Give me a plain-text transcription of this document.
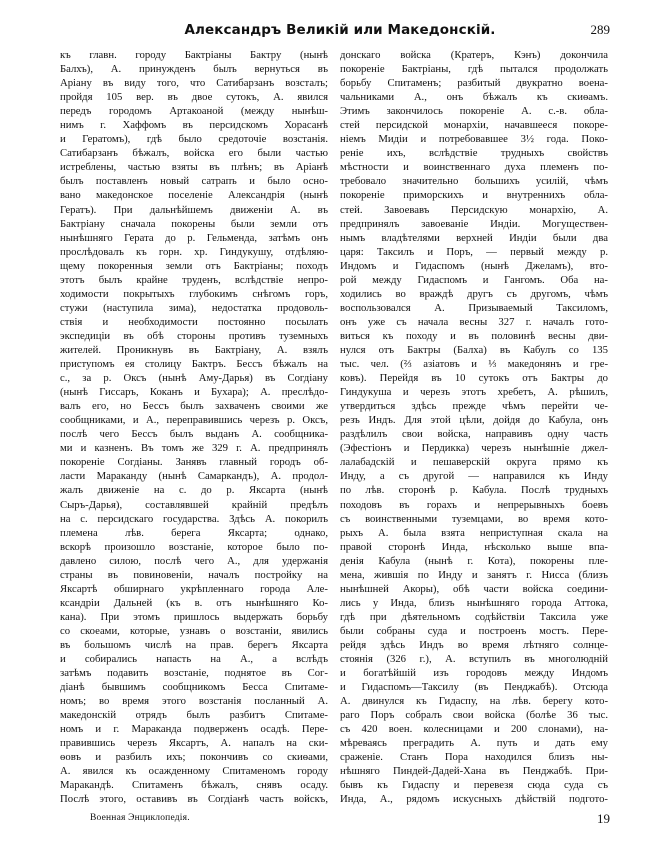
Александръ Великій или Македонскій.	289
къ главн. городу Бактріаны Бактру (нынѣ
Балхъ), А. принужденъ былъ вернуться въ
Арiану въ виду того, что Сатибарзанъ возсталъ;
пройдя 105 вер. въ двое сутокъ, А. явился
передъ городомъ Артакоаной (между нынѣш-
нимъ г. Хаффомъ въ персидскомъ Хорасанѣ
и Гератомъ), гдѣ было средоточіе возстанія.
Сатибарзанъ бѣжалъ, войска его были частью
истреблены, частью взяты въ плѣнъ; въ Аріанѣ
былъ поставленъ новый сатрапъ и было осно-
вано македонское поселеніе Александрія (нынѣ
Гератъ). При дальнѣйшемъ движеніи А. въ
Бактріану сначала покорены были земли отъ
нынѣшняго Герата до р. Гельменда, затѣмъ онъ
прослѣдовалъ къ горн. хр. Гиндукушу, отдѣляю-
щему покоренныя земли отъ Бактріаны; походъ
этотъ былъ крайне труденъ, вслѣдствіе непро-
ходимости покрытыхъ глубокимъ снѣгомъ горъ,
стужи (наступила зима), недостатка продоволь-
ствія и необходимости постоянно посылать
экспедиціи въ обѣ стороны противъ туземныхъ
жителей. Проникнувъ въ Бактріану, А. взялъ
приступомъ ея столицу Бактръ. Бессъ бѣжалъ на
с., за р. Оксъ (нынѣ Аму-Дарья) въ Согдіану
(нынѣ Гиссаръ, Коканъ и Бухара); А. преслѣдо-
валъ его, но Бессъ былъ захваченъ своими же
сообщниками, и А., переправившись черезъ р. Оксъ,
послѣ чего Бессъ былъ выданъ А. сообщника-
ми и казненъ. Въ томъ же 329 г. А. предпринялъ
покореніе Согдіаны. Занявъ главный городъ об-
ласти Мараканду (нынѣ Самаркандъ), А. продол-
жалъ движеніе на с. до р. Яксарта (нынѣ
Сыръ-Дарья), составлявшей крайній предѣлъ
на с. персидскаго государства. Здѣсь А. покорилъ
племена лѣв. берега Яксарта; однако,
вскорѣ произошло возстаніе, которое было по-
давлено силою, послѣ чего А., для удержанія
страны въ повиновеніи, началъ постройку на
Яксартѣ обширнаго укрѣпленнаго города Але-
ксандріи Дальней (къ в. отъ нынѣшняго Ко-
кана). При этомъ пришлось выдержать борьбу
со скоеами, которые, узнавъ о возстаніи, явились
въ большомъ числѣ на прав. берегъ Яксарта
и собирались напасть на А., а вслѣдъ
затѣмъ подавить возстаніе, поднятое въ Сог-
діанѣ бывшимъ сообщникомъ Бесса Спитаме-
номъ; во время этого возстанія посланный А.
македонскій отрядъ былъ разбитъ Спитаме-
номъ и г. Мараканда подверженъ осадѣ. Пере-
правившись черезъ Яксартъ, А. напалъ на ски-
ѳовъ и разбилъ ихъ; покончивъ со скиѳами,
А. явился къ осажденному Спитаменомъ городу
Маракандѣ. Спитаменъ бѣжалъ, снявъ осаду.
Послѣ этого, оставивъ въ Согдіанѣ часть войскъ,
донскаго войска (Кратеръ, Кэнъ) докончила
покореніе Бактріаны, гдѣ пытался продолжать
борьбу Спитаменъ; разбитый двукратно воена-
чальниками А., онъ бѣжалъ къ скиѳамъ.
Этимъ закончилось покореніе А. с.-в. обла-
стей персидской монархіи, начавшееся покоре-
ніемъ Мидіи и потребовавшее 3½ года. Поко-
реніе ихъ, вслѣдствіе трудныхъ свойствъ
мѣстности и воинственнаго духа племенъ по-
требовало значительно большихъ усилій, чѣмъ
покореніе приморскихъ и внутреннихъ обла-
стей. Завоевавъ Персидскую монархію, А.
предпринялъ завоеваніе Индіи. Могуществен-
нымъ владѣтелями верхней Индіи были два
царя: Таксилъ и Поръ, — первый между р.
Индомъ и Гидаспомъ (нынѣ Джеламъ), вто-
рой между Гидаспомъ и Гангомъ. Оба на-
ходились во враждѣ другъ съ другомъ, чѣмъ
воспользовался А. Призываемый Таксиломъ,
онъ уже съ начала весны 327 г. началъ гото-
виться къ походу и въ половинѣ весны дви-
нулся отъ Бактры (Балха) въ Кабулъ со 135
тыс. чел. (⅔ азіатовъ и ⅓ македонянъ и гре-
ковъ). Перейдя въ 10 сутокъ отъ Бактры до
Гиндукуша и черезъ этотъ хребетъ, А. рѣшилъ,
утвердиться здѣсь прежде чѣмъ перейти че-
резъ Индъ. Для этой цѣли, дойдя до Кабула, онъ
раздѣлилъ свои войска, направивъ одну часть
(Эфестіонъ и Пердикка) черезъ нынѣшніе джел-
лалабадскій и пешаверскій округа прямо къ
Инду, а съ другой — направился къ Инду
по лѣв. сторонѣ р. Кабула. Послѣ трудныхъ
походовъ въ горахъ и непрерывныхъ боевъ
съ воинственными туземцами, во время кото-
рыхъ А. была взята неприступная скала на
правой сторонѣ Инда, нѣсколько выше впа-
денія Кабула (нынѣ г. Кота), покорены пле-
мена, жившія по Инду и занятъ г. Нисса (близъ
нынѣшней Акоры), обѣ части войска соедини-
лись у Инда, близъ нынѣшняго города Аттока,
гдѣ при дѣятельномъ содѣйствіи Таксила уже
были собраны суда и построенъ мостъ. Пере-
рейдя здѣсь Индъ во время лѣтняго солнце-
стоянія (326 г.), А. вступилъ въ многолюдній
и богатѣйшій изъ городовъ между Индомъ
и Гидаспомъ—Таксилу (въ Пенджабѣ). Отсюда
А. двинулся къ Гидаспу, на лѣв. берегу кото-
раго Поръ собралъ свои войска (болѣе 36 тыс.
съ 420 воен. колесницами и 200 слонами), на-
мѣреваясь преградить А. путь и дать ему
сраженіе. Станъ Пора находился близъ ны-
нѣшняго Пиндей-Дадей-Хана въ Пенджабѣ. При-
бывъ къ Гидаспу и перевезя сюда суда съ
Инда, А., рядомъ искусныхъ дѣйствій подгото-
Военная Энциклопедія.	19
